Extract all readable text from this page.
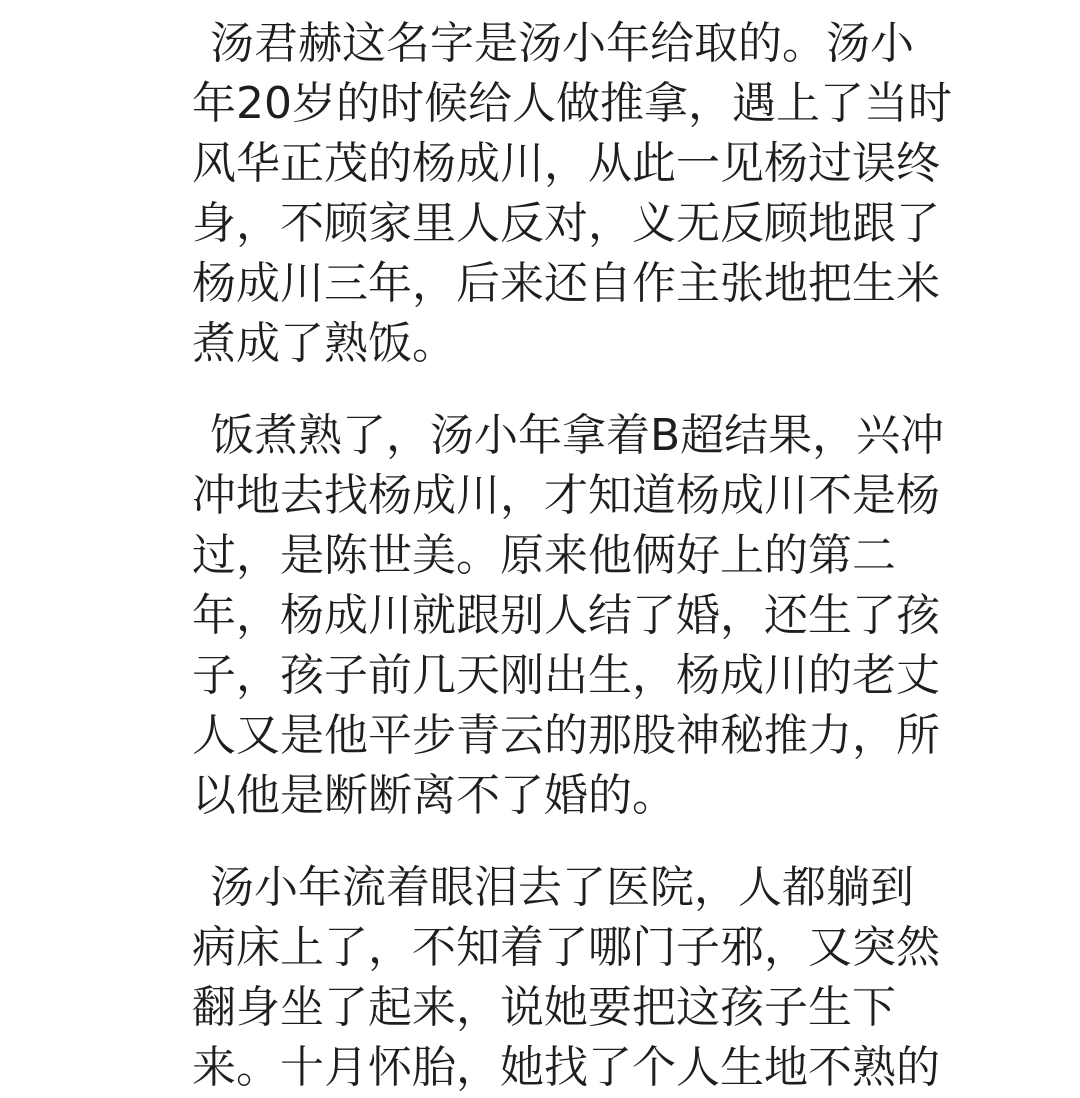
汤君赫这名字是汤小年给取的。汤小
年20岁的时候给人做推拿，遇上了当时
风华正茂的杨成川，从此一见杨过误终
身，不顾家里人反对，义无反顾地跟了
杨成川三年，后来还自作主张地把生米
煮成了熟饭。
饭煮熟了，汤小年拿着B超结果，兴冲
冲地去找杨成川，才知道杨成川不是杨
过，是陈世美。原来他俩好上的第二
年，杨成川就跟别人结了婚，还生了孩
子，孩子前几天刚出生，杨成川的老丈
人又是他平步青云的那股神秘推力，所
以他是断断离不了婚的。
汤小年流着眼泪去了医院，人都躺到
病床上了，不知着了哪门子邪，又突然
翻身坐了起来，说她要把这孩子生下
来。十月怀胎，她找了个人生地不熟的
